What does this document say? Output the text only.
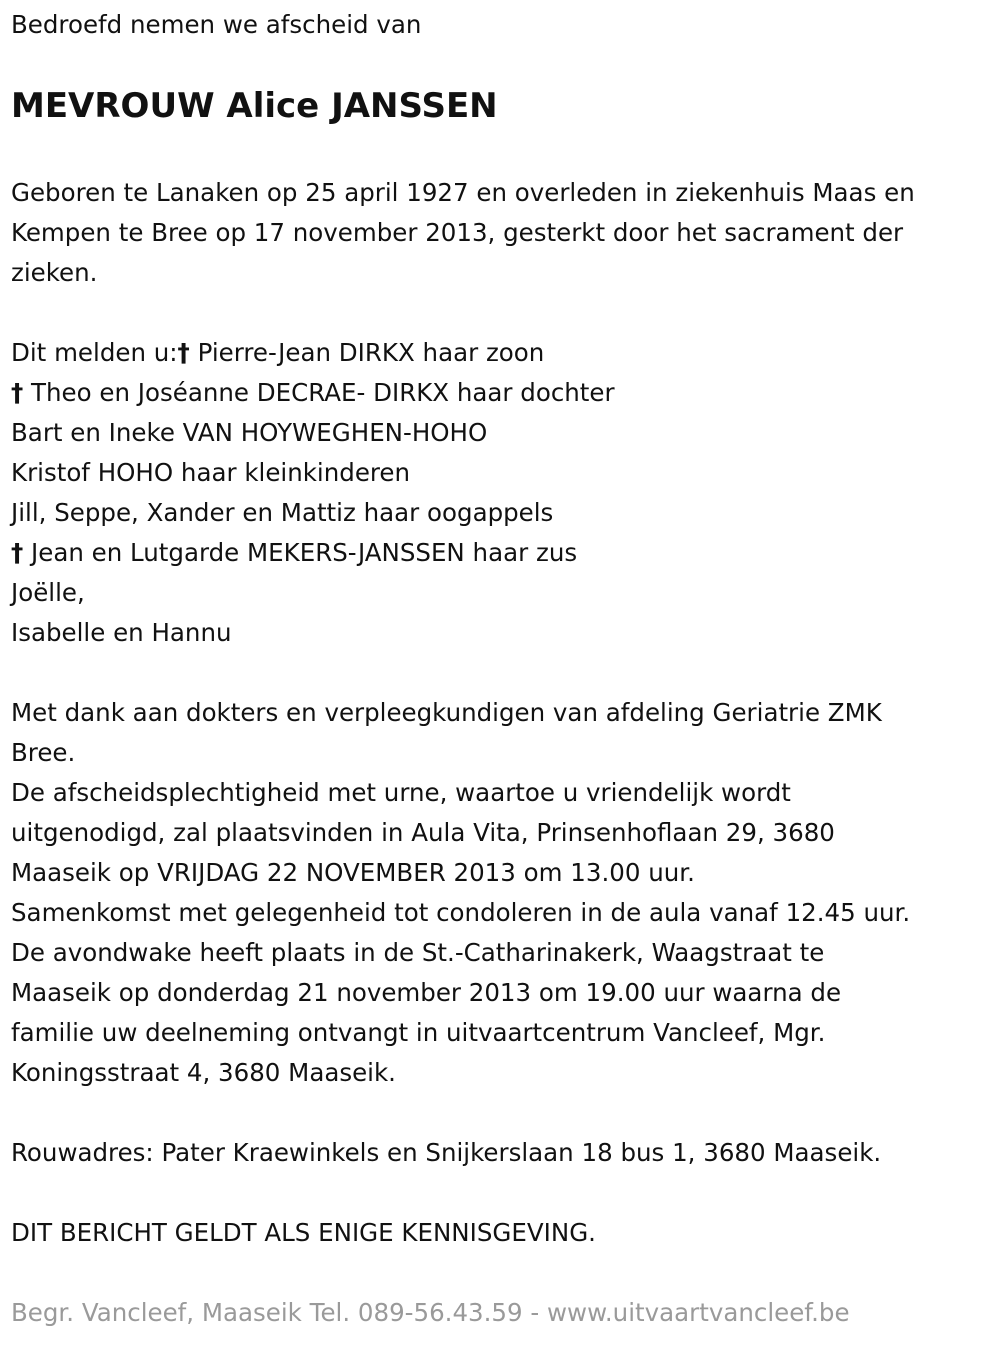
Bedroefd nemen we afscheid van
MEVROUW Alice JANSSEN
Geboren te Lanaken op 25 april 1927 en overleden in ziekenhuis Maas en
Kempen te Bree op 17 november 2013, gesterkt door het sacrament der
zieken.
Dit melden u:† Pierre-Jean DIRKX haar zoon
† Theo en Joséanne DECRAE- DIRKX haar dochter
Bart en Ineke VAN HOYWEGHEN-HOHO
Kristof HOHO haar kleinkinderen
Jill, Seppe, Xander en Mattiz haar oogappels
† Jean en Lutgarde MEKERS-JANSSEN haar zus
Joëlle,
Isabelle en Hannu
Met dank aan dokters en verpleegkundigen van afdeling Geriatrie ZMK
Bree.
De afscheidsplechtigheid met urne, waartoe u vriendelijk wordt
uitgenodigd, zal plaatsvinden in Aula Vita, Prinsenhoflaan 29, 3680
Maaseik op VRIJDAG 22 NOVEMBER 2013 om 13.00 uur.
Samenkomst met gelegenheid tot condoleren in de aula vanaf 12.45 uur.
De avondwake heeft plaats in de St.-Catharinakerk, Waagstraat te
Maaseik op donderdag 21 november 2013 om 19.00 uur waarna de
familie uw deelneming ontvangt in uitvaartcentrum Vancleef, Mgr.
Koningsstraat 4, 3680 Maaseik.
Rouwadres: Pater Kraewinkels en Snijkerslaan 18 bus 1, 3680 Maaseik.
DIT BERICHT GELDT ALS ENIGE KENNISGEVING.
Begr. Vancleef, Maaseik Tel. 089-56.43.59 - www.uitvaartvancleef.be
